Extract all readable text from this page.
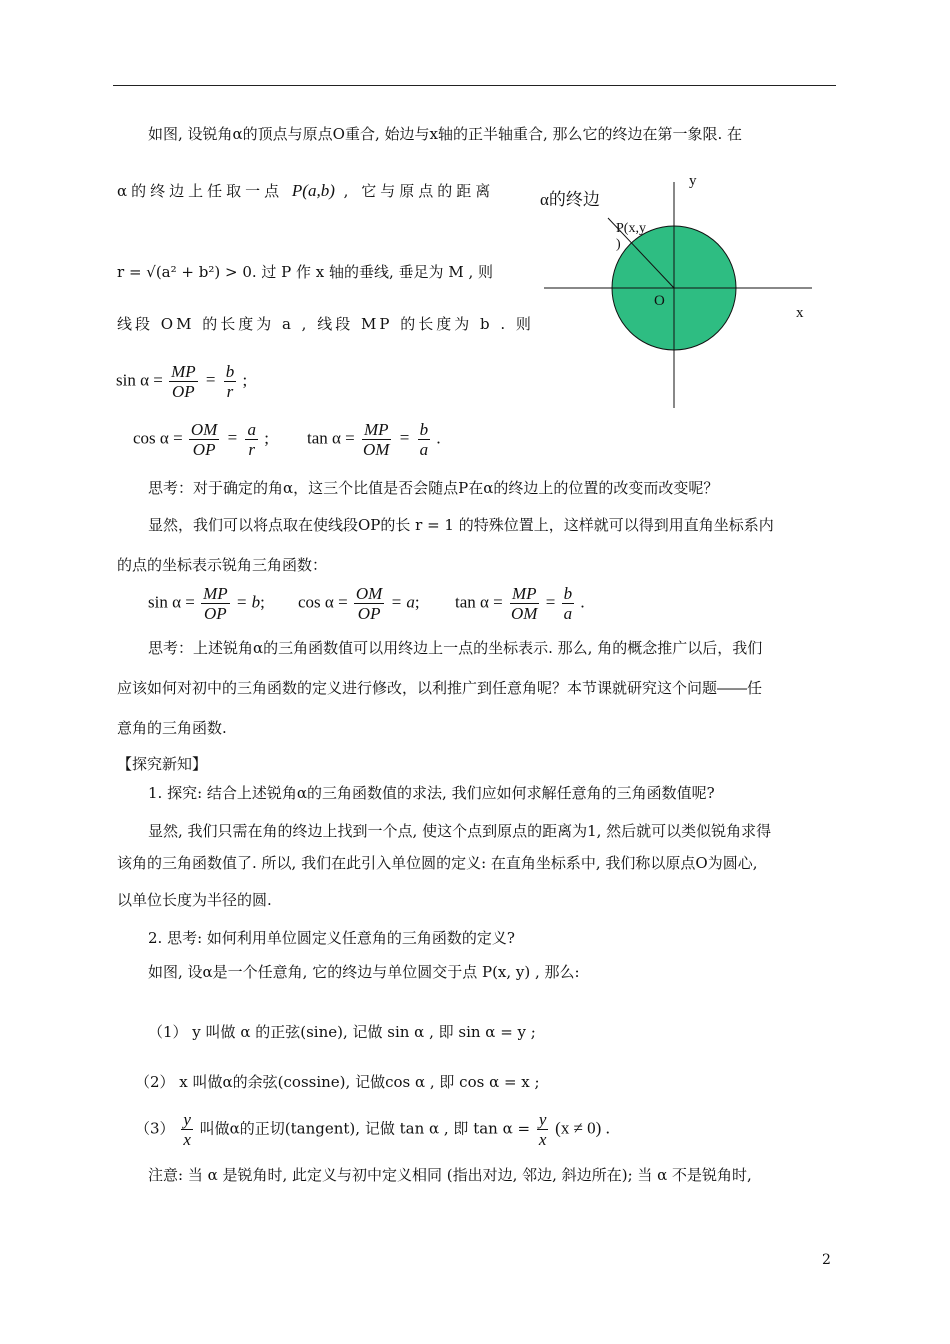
如图, 设锐角α的顶点与原点O重合, 始边与x轴的正半轴重合, 那么它的终边在第一象限. 在
α的终边上任取一点 P(a,b) , 它与原点的距离
r = √(a² + b²) > 0. 过 P 作 x 轴的垂线, 垂足为 M , 则
线段 OM 的长度为 a , 线段 MP 的长度为 b . 则
α的终边
P(x,y
)
y
x
O
$\sin \alpha = \frac{MP}{OP} = \frac{b}{r}$ ;
$\cos \alpha = \frac{OM}{OP} = \frac{a}{r}$ ; $\tan \alpha = \frac{MP}{OM} = \frac{b}{a}$ .
思考：对于确定的角α，这三个比值是否会随点P在α的终边上的位置的改变而改变呢？
显然，我们可以将点取在使线段OP的长 r = 1 的特殊位置上，这样就可以得到用直角坐标系内
的点的坐标表示锐角三角函数：
$\sin \alpha = \frac{MP}{OP} = b$; $\cos \alpha = \frac{OM}{OP} = a$; $\tan \alpha = \frac{MP}{OM} = \frac{b}{a}$ .
思考：上述锐角α的三角函数值可以用终边上一点的坐标表示. 那么, 角的概念推广以后，我们
应该如何对初中的三角函数的定义进行修改，以利推广到任意角呢？本节课就研究这个问题――任
意角的三角函数.
【探究新知】
1. 探究: 结合上述锐角α的三角函数值的求法, 我们应如何求解任意角的三角函数值呢?
显然, 我们只需在角的终边上找到一个点, 使这个点到原点的距离为1, 然后就可以类似锐角求得
该角的三角函数值了. 所以, 我们在此引入单位圆的定义: 在直角坐标系中, 我们称以原点O为圆心,
以单位长度为半径的圆.
2. 思考: 如何利用单位圆定义任意角的三角函数的定义?
如图, 设α是一个任意角, 它的终边与单位圆交于点 P(x, y) , 那么:
（1） y 叫做 α 的正弦(sine), 记做 sin α , 即 sin α = y ;
（2） x 叫做α的余弦(cossine), 记做cos α , 即 cos α = x ;
$(3) \frac{y}{x}$ 叫做α的正切(tangent), 记做 tan α , 即 $\tan \alpha = \frac{y}{x} (x \ne 0)$ .
注意: 当 α 是锐角时, 此定义与初中定义相同 (指出对边, 邻边, 斜边所在); 当 α 不是锐角时,
2
